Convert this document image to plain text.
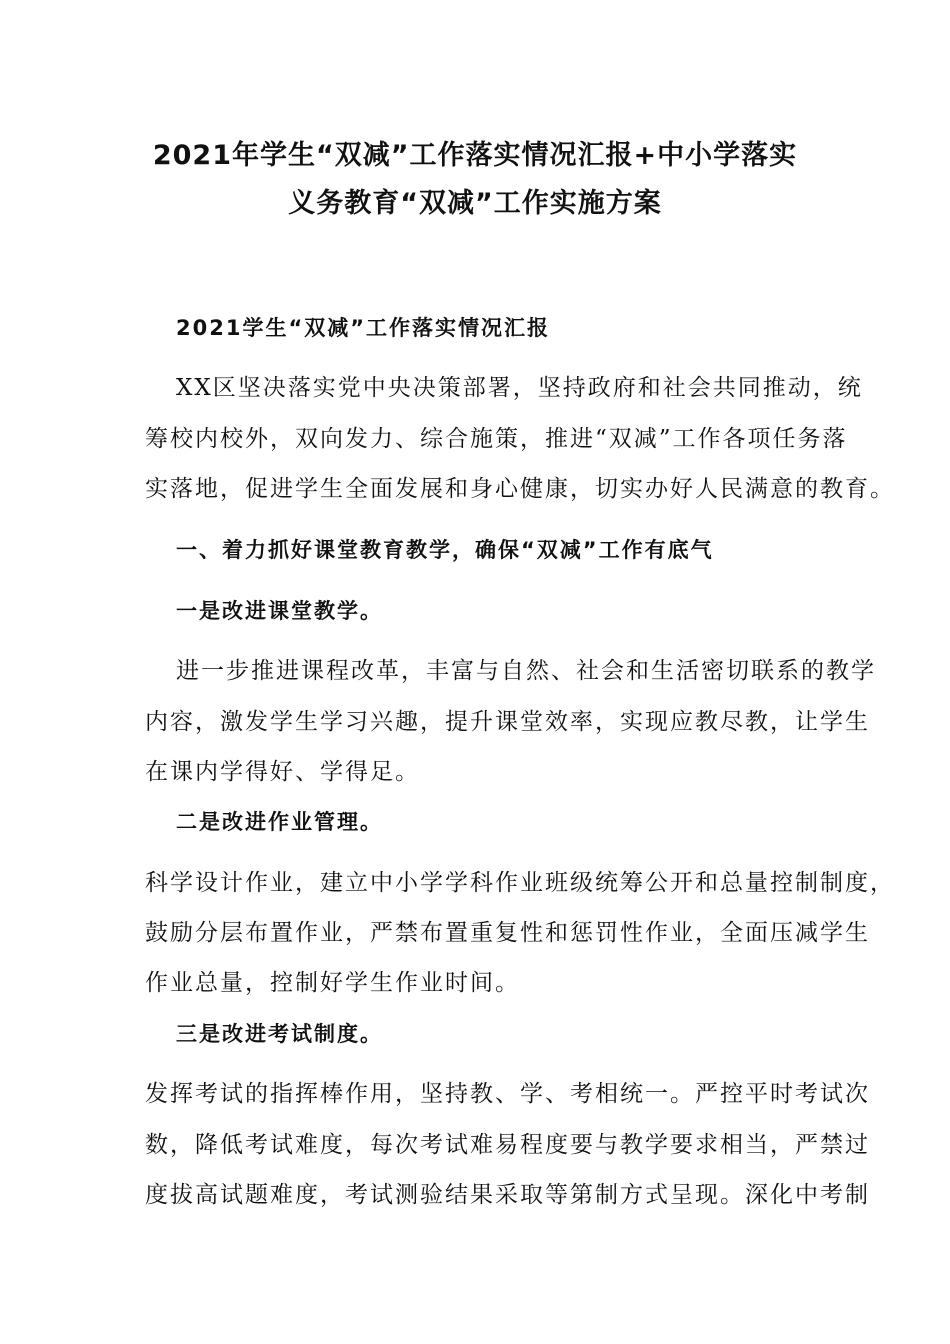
2021年学生“双减”工作落实情况汇报+中小学落实
义务教育“双减”工作实施方案
2021学生“双减”工作落实情况汇报
XX区坚决落实党中央决策部署，坚持政府和社会共同推动，统
筹校内校外，双向发力、综合施策，推进“双减”工作各项任务落
实落地，促进学生全面发展和身心健康，切实办好人民满意的教育。
一、着力抓好课堂教育教学，确保“双减”工作有底气
一是改进课堂教学。
进一步推进课程改革，丰富与自然、社会和生活密切联系的教学
内容，激发学生学习兴趣，提升课堂效率，实现应教尽教，让学生
在课内学得好、学得足。
二是改进作业管理。
科学设计作业，建立中小学学科作业班级统筹公开和总量控制制度，
鼓励分层布置作业，严禁布置重复性和惩罚性作业，全面压减学生
作业总量，控制好学生作业时间。
三是改进考试制度。
发挥考试的指挥棒作用，坚持教、学、考相统一。严控平时考试次
数，降低考试难度，每次考试难易程度要与教学要求相当，严禁过
度拔高试题难度，考试测验结果采取等第制方式呈现。深化中考制
